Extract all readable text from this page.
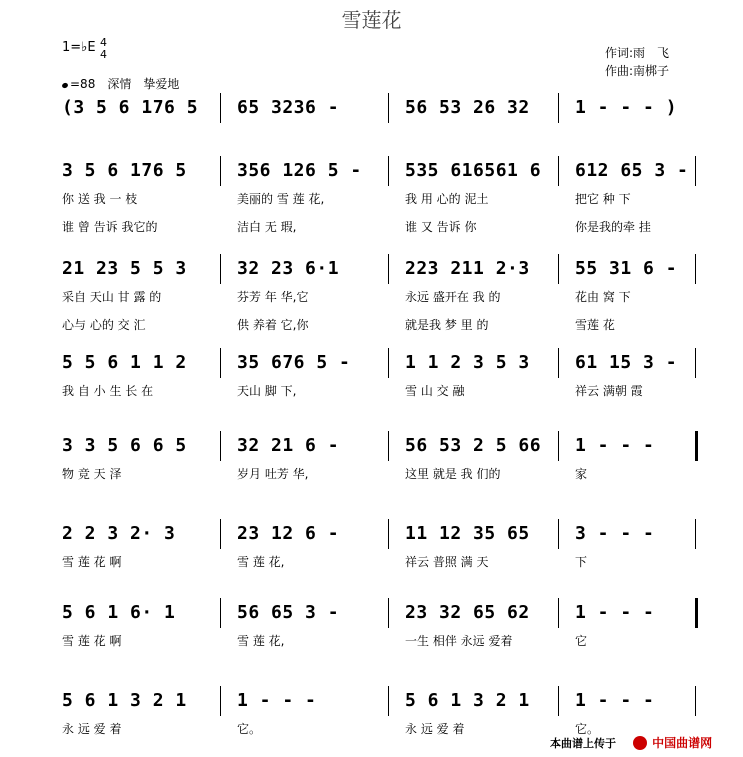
雪莲花
作词:雨　飞
作曲:南梆子
1=♭E 4
4
=88　 深情　挚爱地
(3 5 6 176 5 65 3236 -	56 53 26 32	1 - - - )
3 5 6 176 5
你 送 我 一 枝
谁 曾 告诉 我它的
356 126 5 -
美丽的 雪 莲 花,
洁白 无 瑕,
535 616561 6
我 用 心的 泥土
谁 又 告诉 你
612 65 3 -
把它 种 下
你是我的牵 挂
21 23 5 5 3
采自 天山 甘 露 的
心与 心的 交 汇
32 23 6·1
芬芳 年 华,它
供 养着 它,你
223 211 2·3
永远 盛开在 我 的
就是我 梦 里 的
55 31 6 -
花由 窝 下
雪莲 花
5 5 6 1 1 2
我 自 小 生 长 在
35 676 5 -
天山 脚 下,
1 1 2 3 5 3
雪 山 交 融
61 15 3 -
祥云 满朝 霞
3 3 5 6 6 5
物 竞 天 泽
32 21 6 -
岁月 吐芳 华,
56 53 2 5 66
这里 就是 我 们的
1 - - -
家
2 2 3 2· 3
雪 莲 花 啊
23 12 6 -
雪 莲 花,
11 12 35 65
祥云 普照 满 天
3 - - -
下
5 6 1 6· 1
雪 莲 花 啊
56 65 3 -
雪 莲 花,
23 32 65 62
一生 相伴 永远 爱着
1 - - -
它
5 6 1 3 2 1
永 远 爱 着
1 - - -
它。
5 6 1 3 2 1
永 远 爱 着
1 - - -
它。
本曲谱上传于	中国曲谱网
